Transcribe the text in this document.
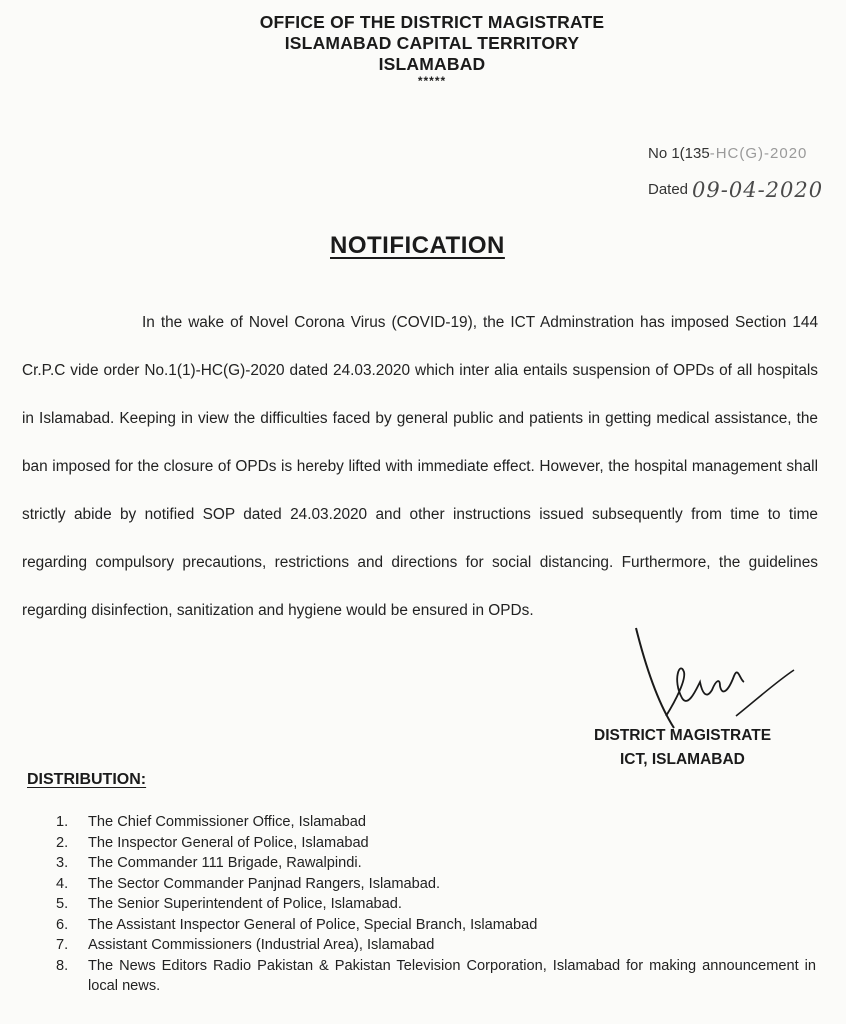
OFFICE OF THE DISTRICT MAGISTRATE
ISLAMABAD CAPITAL TERRITORY
ISLAMABAD
*****
No 1(135 -HC(G)-2020
Dated 09-04-2020
NOTIFICATION

In the wake of Novel Corona Virus (COVID-19), the ICT Adminstration has imposed Section 144 Cr.P.C vide order No.1(1)-HC(G)-2020 dated 24.03.2020 which inter alia entails suspension of OPDs of all hospitals in Islamabad. Keeping in view the difficulties faced by general public and patients in getting medical assistance, the ban imposed for the closure of OPDs is hereby lifted with immediate effect. However, the hospital management shall strictly abide by notified SOP dated 24.03.2020 and other instructions issued subsequently from time to time regarding compulsory precautions, restrictions and directions for social distancing. Furthermore, the guidelines regarding disinfection, sanitization and hygiene would be ensured in OPDs.

DISTRICT MAGISTRATE
ICT, ISLAMABAD
DISTRIBUTION:
1.	The Chief Commissioner Office, Islamabad
2.	The Inspector General of Police, Islamabad
3.	The Commander 111 Brigade, Rawalpindi.
4.	The Sector Commander Panjnad Rangers, Islamabad.
5.	The Senior Superintendent of Police, Islamabad.
6.	The Assistant Inspector General of Police, Special Branch, Islamabad
7.	Assistant Commissioners (Industrial Area), Islamabad
8.	The News Editors Radio Pakistan & Pakistan Television Corporation, Islamabad for making announcement in local news.
